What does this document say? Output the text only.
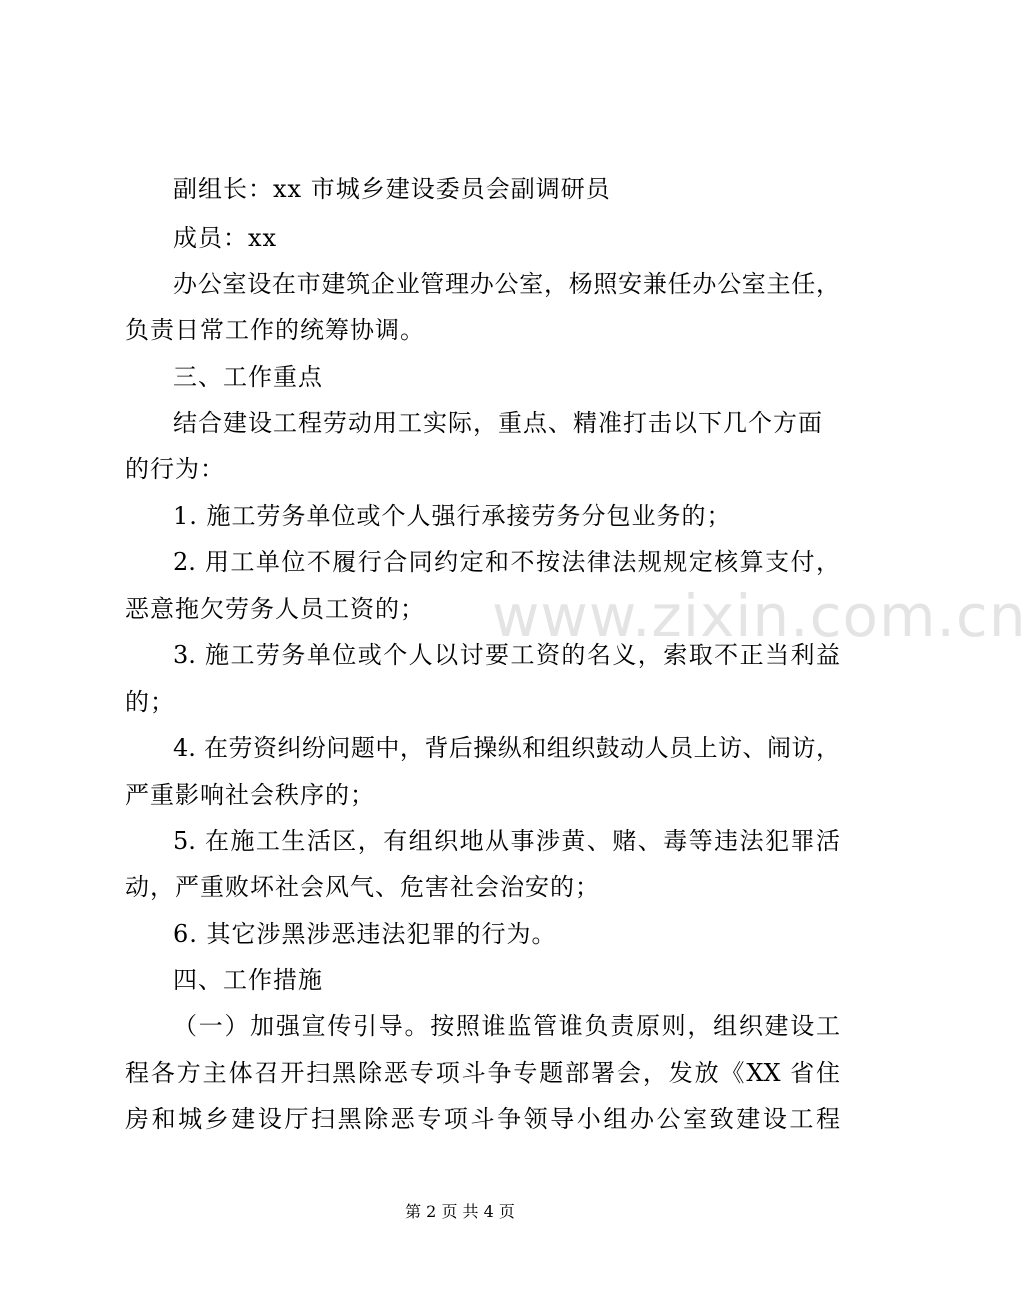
副组长：xx 市城乡建设委员会副调研员
成员：xx
办公室设在市建筑企业管理办公室，杨照安兼任办公室主任，
负责日常工作的统筹协调。
三、工作重点
结合建设工程劳动用工实际，重点、精准打击以下几个方面
的行为：
1. 施工劳务单位或个人强行承接劳务分包业务的；
2. 用工单位不履行合同约定和不按法律法规规定核算支付，
恶意拖欠劳务人员工资的；
3. 施工劳务单位或个人以讨要工资的名义，索取不正当利益
的；
4. 在劳资纠纷问题中，背后操纵和组织鼓动人员上访、闹访，
严重影响社会秩序的；
5. 在施工生活区，有组织地从事涉黄、赌、毒等违法犯罪活
动，严重败坏社会风气、危害社会治安的；
6. 其它涉黑涉恶违法犯罪的行为。
四、工作措施
（一）加强宣传引导。按照谁监管谁负责原则，组织建设工
程各方主体召开扫黑除恶专项斗争专题部署会，发放《XX 省住
房和城乡建设厅扫黑除恶专项斗争领导小组办公室致建设工程
www.zixin.com.cn
第 2 页 共 4 页
